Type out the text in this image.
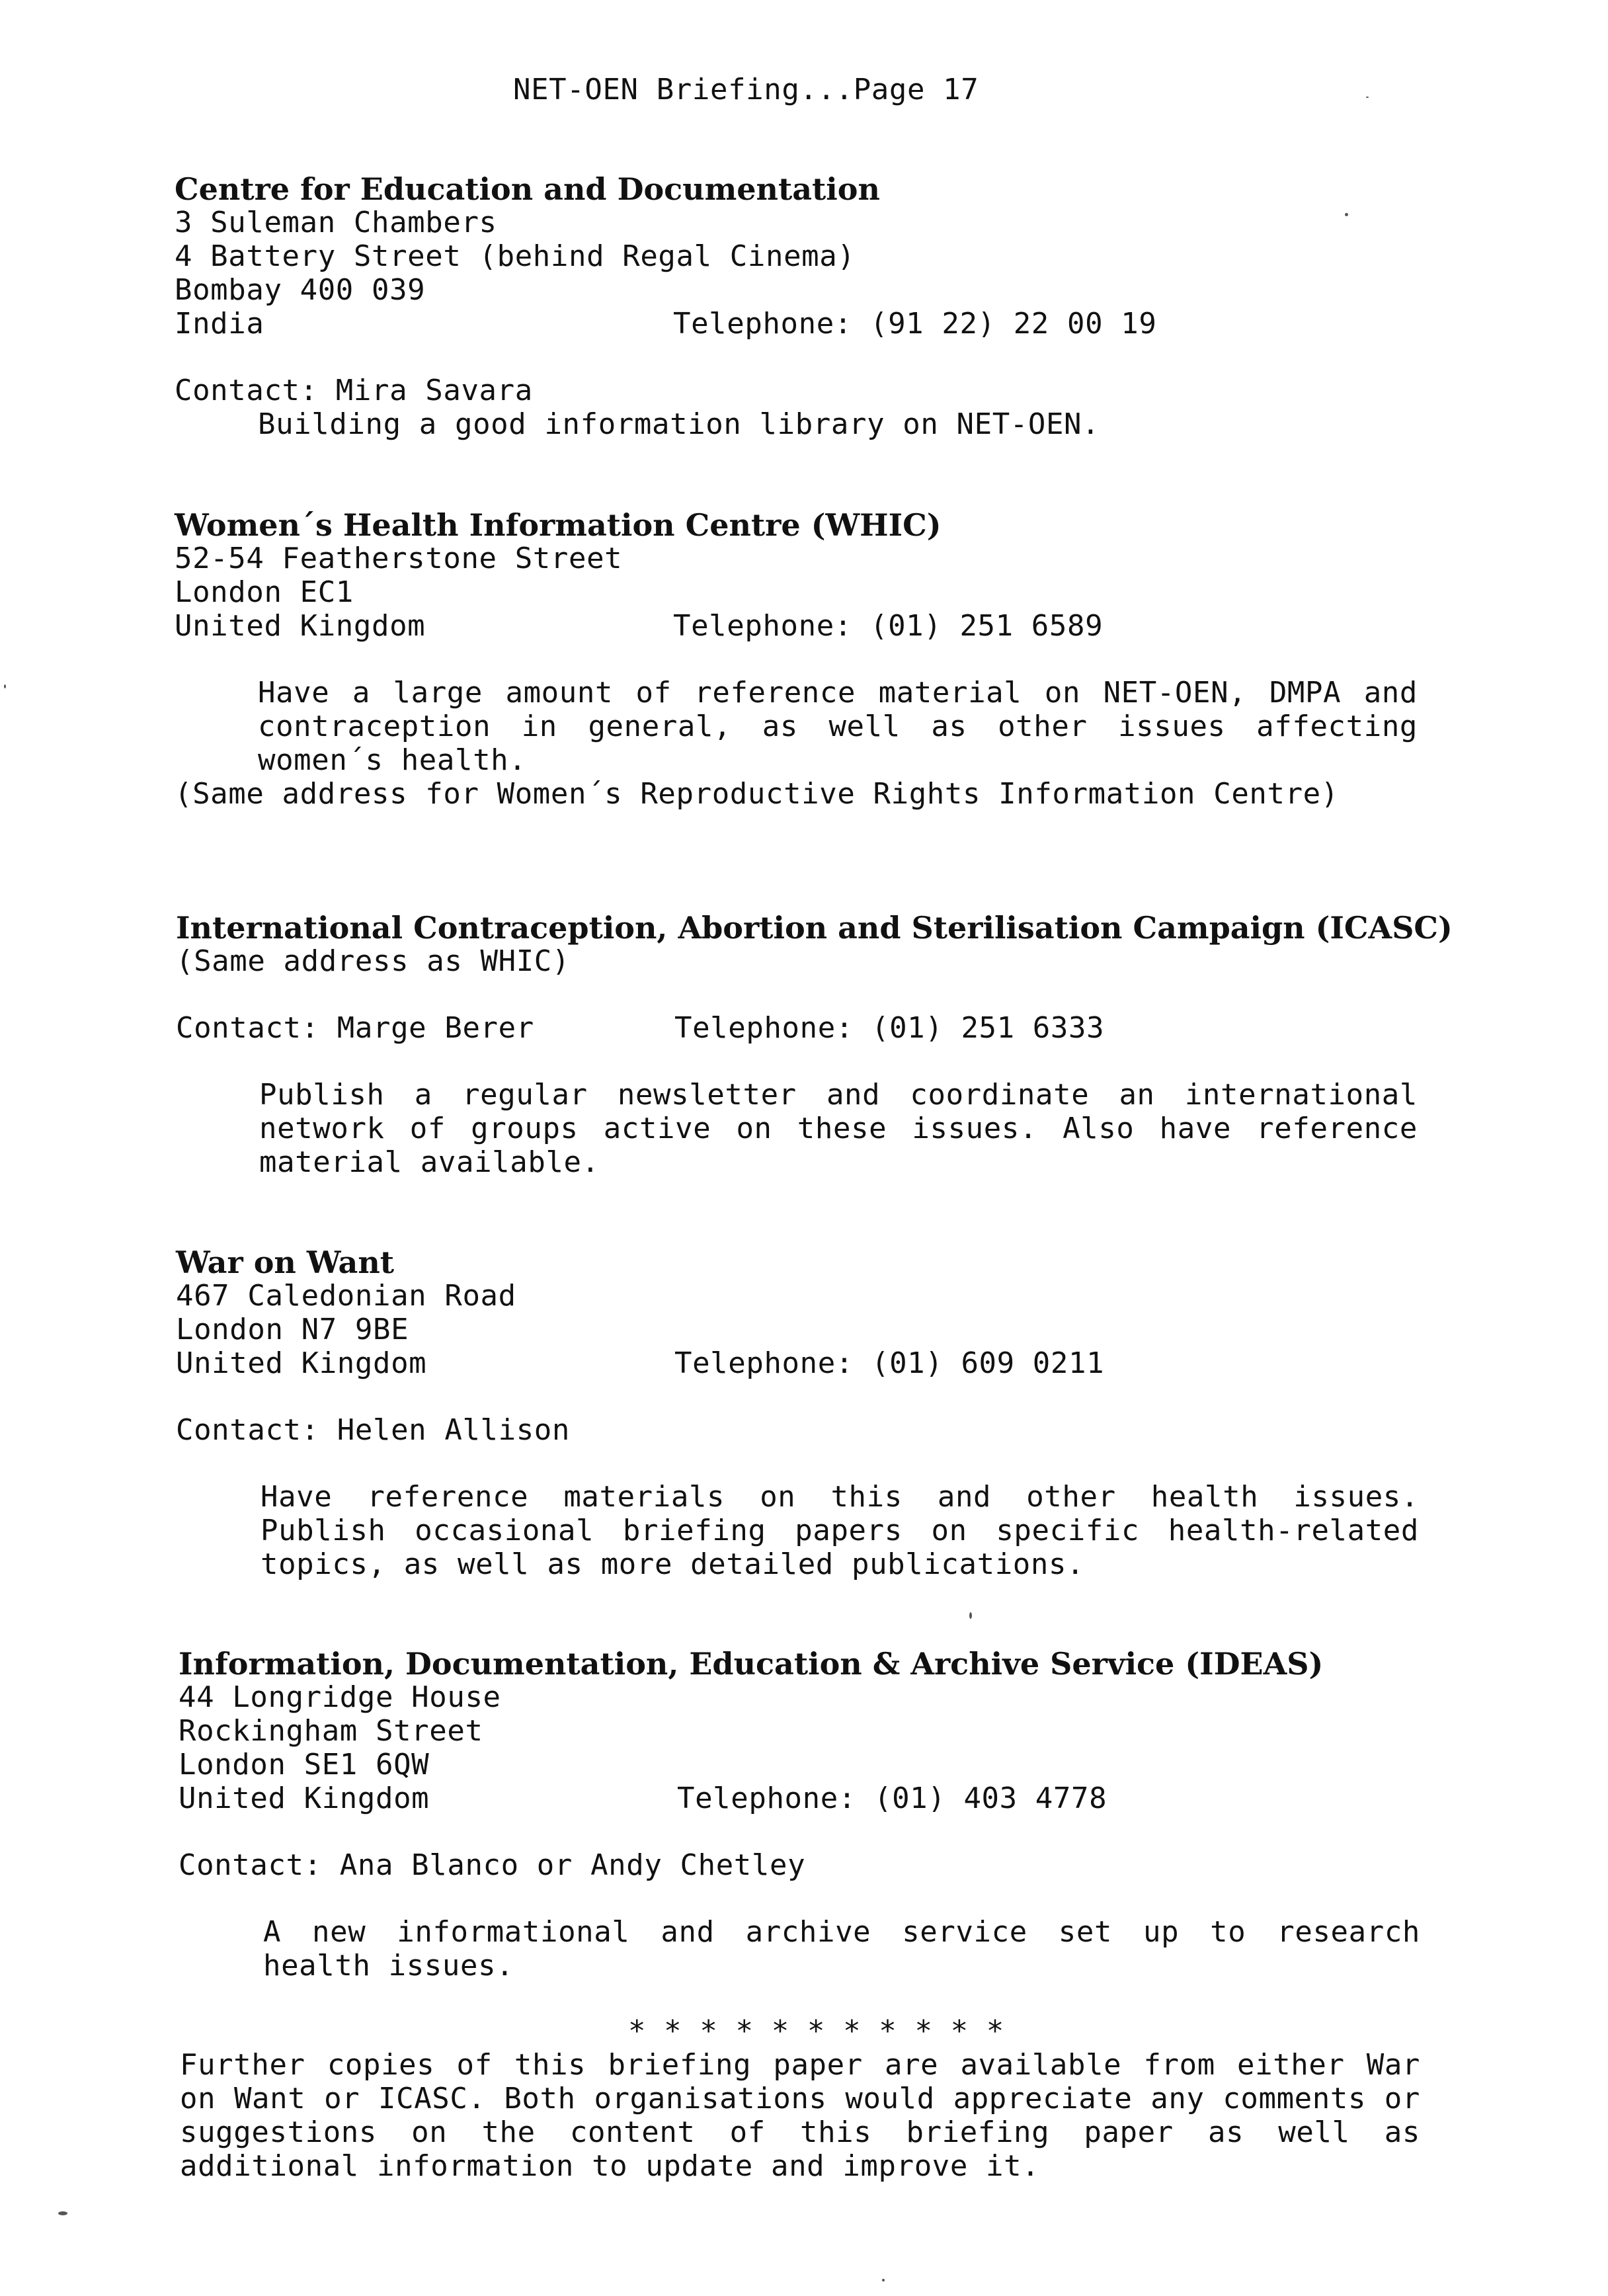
NET-OEN Briefing...Page 17
Centre for Education and Documentation
3 Suleman Chambers
4 Battery Street (behind Regal Cinema)
Bombay 400 039
India	Telephone: (91 22) 22 00 19
Contact: Mira Savara
Building a good information library on NET-OEN.
Women´s Health Information Centre (WHIC)
52-54 Featherstone Street
London EC1
United Kingdom	Telephone: (01) 251 6589
Have a large amount of reference material on NET-OEN, DMPA and contraception in general, as well as other issues affecting women´s health.
(Same address for Women´s Reproductive Rights Information Centre)
International Contraception, Abortion and Sterilisation Campaign (ICASC)
(Same address as WHIC)
Contact: Marge Berer	Telephone: (01) 251 6333
Publish a regular newsletter and coordinate an international network of groups active on these issues. Also have reference material available.
War on Want
467 Caledonian Road
London N7 9BE
United Kingdom	Telephone: (01) 609 0211
Contact: Helen Allison
Have reference materials on this and other health issues. Publish occasional briefing papers on specific health-related topics, as well as more detailed publications.
Information, Documentation, Education & Archive Service (IDEAS)
44 Longridge House
Rockingham Street
London SE1 6QW
United Kingdom	Telephone: (01) 403 4778
Contact: Ana Blanco or Andy Chetley
A new informational and archive service set up to research health issues.
* * * * * * * * * * *
Further copies of this briefing paper are available from either War on Want or ICASC. Both organisations would appreciate any comments or suggestions on the content of this briefing paper as well as additional information to update and improve it.
